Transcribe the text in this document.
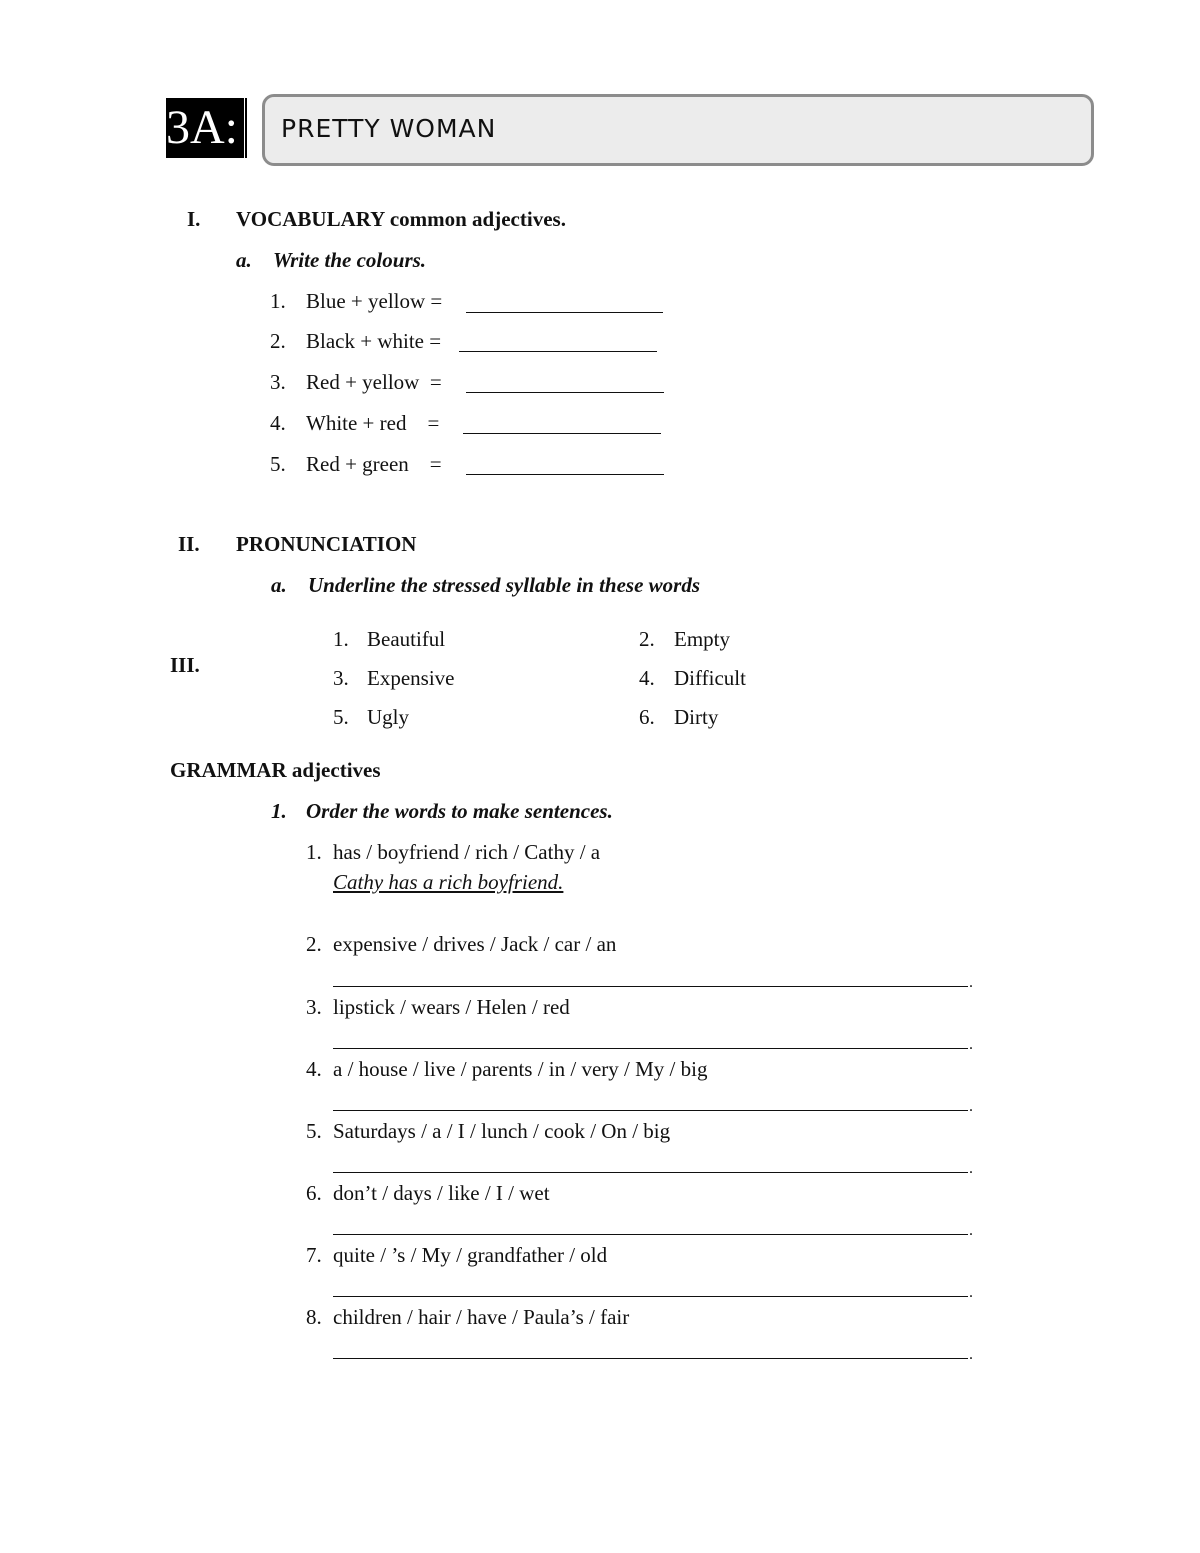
3A: PRETTY WOMAN
I. VOCABULARY common adjectives.
a. Write the colours.
1. Blue + yellow =
2. Black + white =
3. Red + yellow  =
4. White + red    =
5. Red + green    =
II. PRONUNCIATION
a. Underline the stressed syllable in these words
1. Beautiful	2. Empty
3. Expensive	4. Difficult
5. Ugly	6. Dirty
III.
GRAMMAR adjectives
1. Order the words to make sentences.
1. has / boyfriend / rich / Cathy / a
Cathy has a rich boyfriend.
2. expensive / drives / Jack / car / an
.
3. lipstick / wears / Helen / red
.
4. a / house / live / parents / in / very / My / big
.
5. Saturdays / a / I / lunch / cook / On / big
.
6. don’t / days / like / I / wet
.
7. quite / ’s / My / grandfather / old
.
8. children / hair / have / Paula’s / fair
.
